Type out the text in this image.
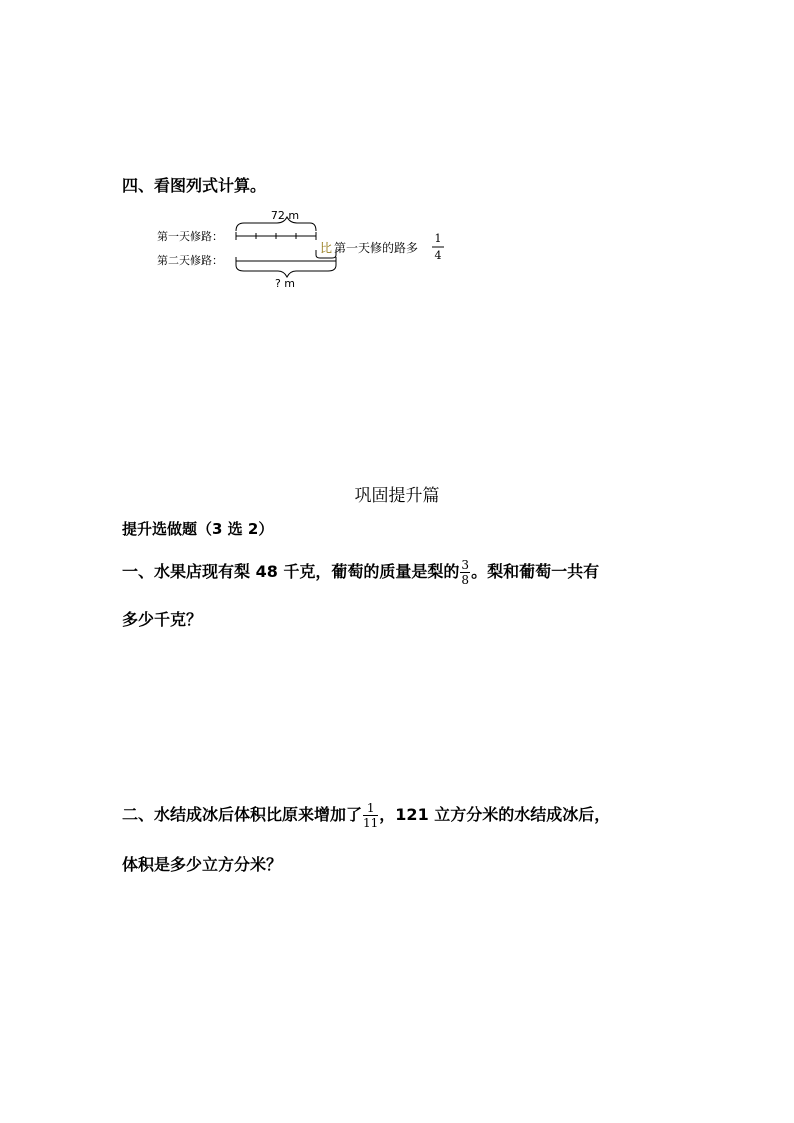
四、看图列式计算。
72 m
第一天修路：
第二天修路：
? m
比 第一天修的路多
1
4
巩固提升篇
提升选做题（3 选 2）
一、水果店现有梨 48 千克，葡萄的质量是梨的 $\frac{3}{8}$ 。梨和葡萄一共有
多少千克？
二、水结成冰后体积比原来增加了 $\frac{1}{11}$ ，121 立方分米的水结成冰后，
体积是多少立方分米？
